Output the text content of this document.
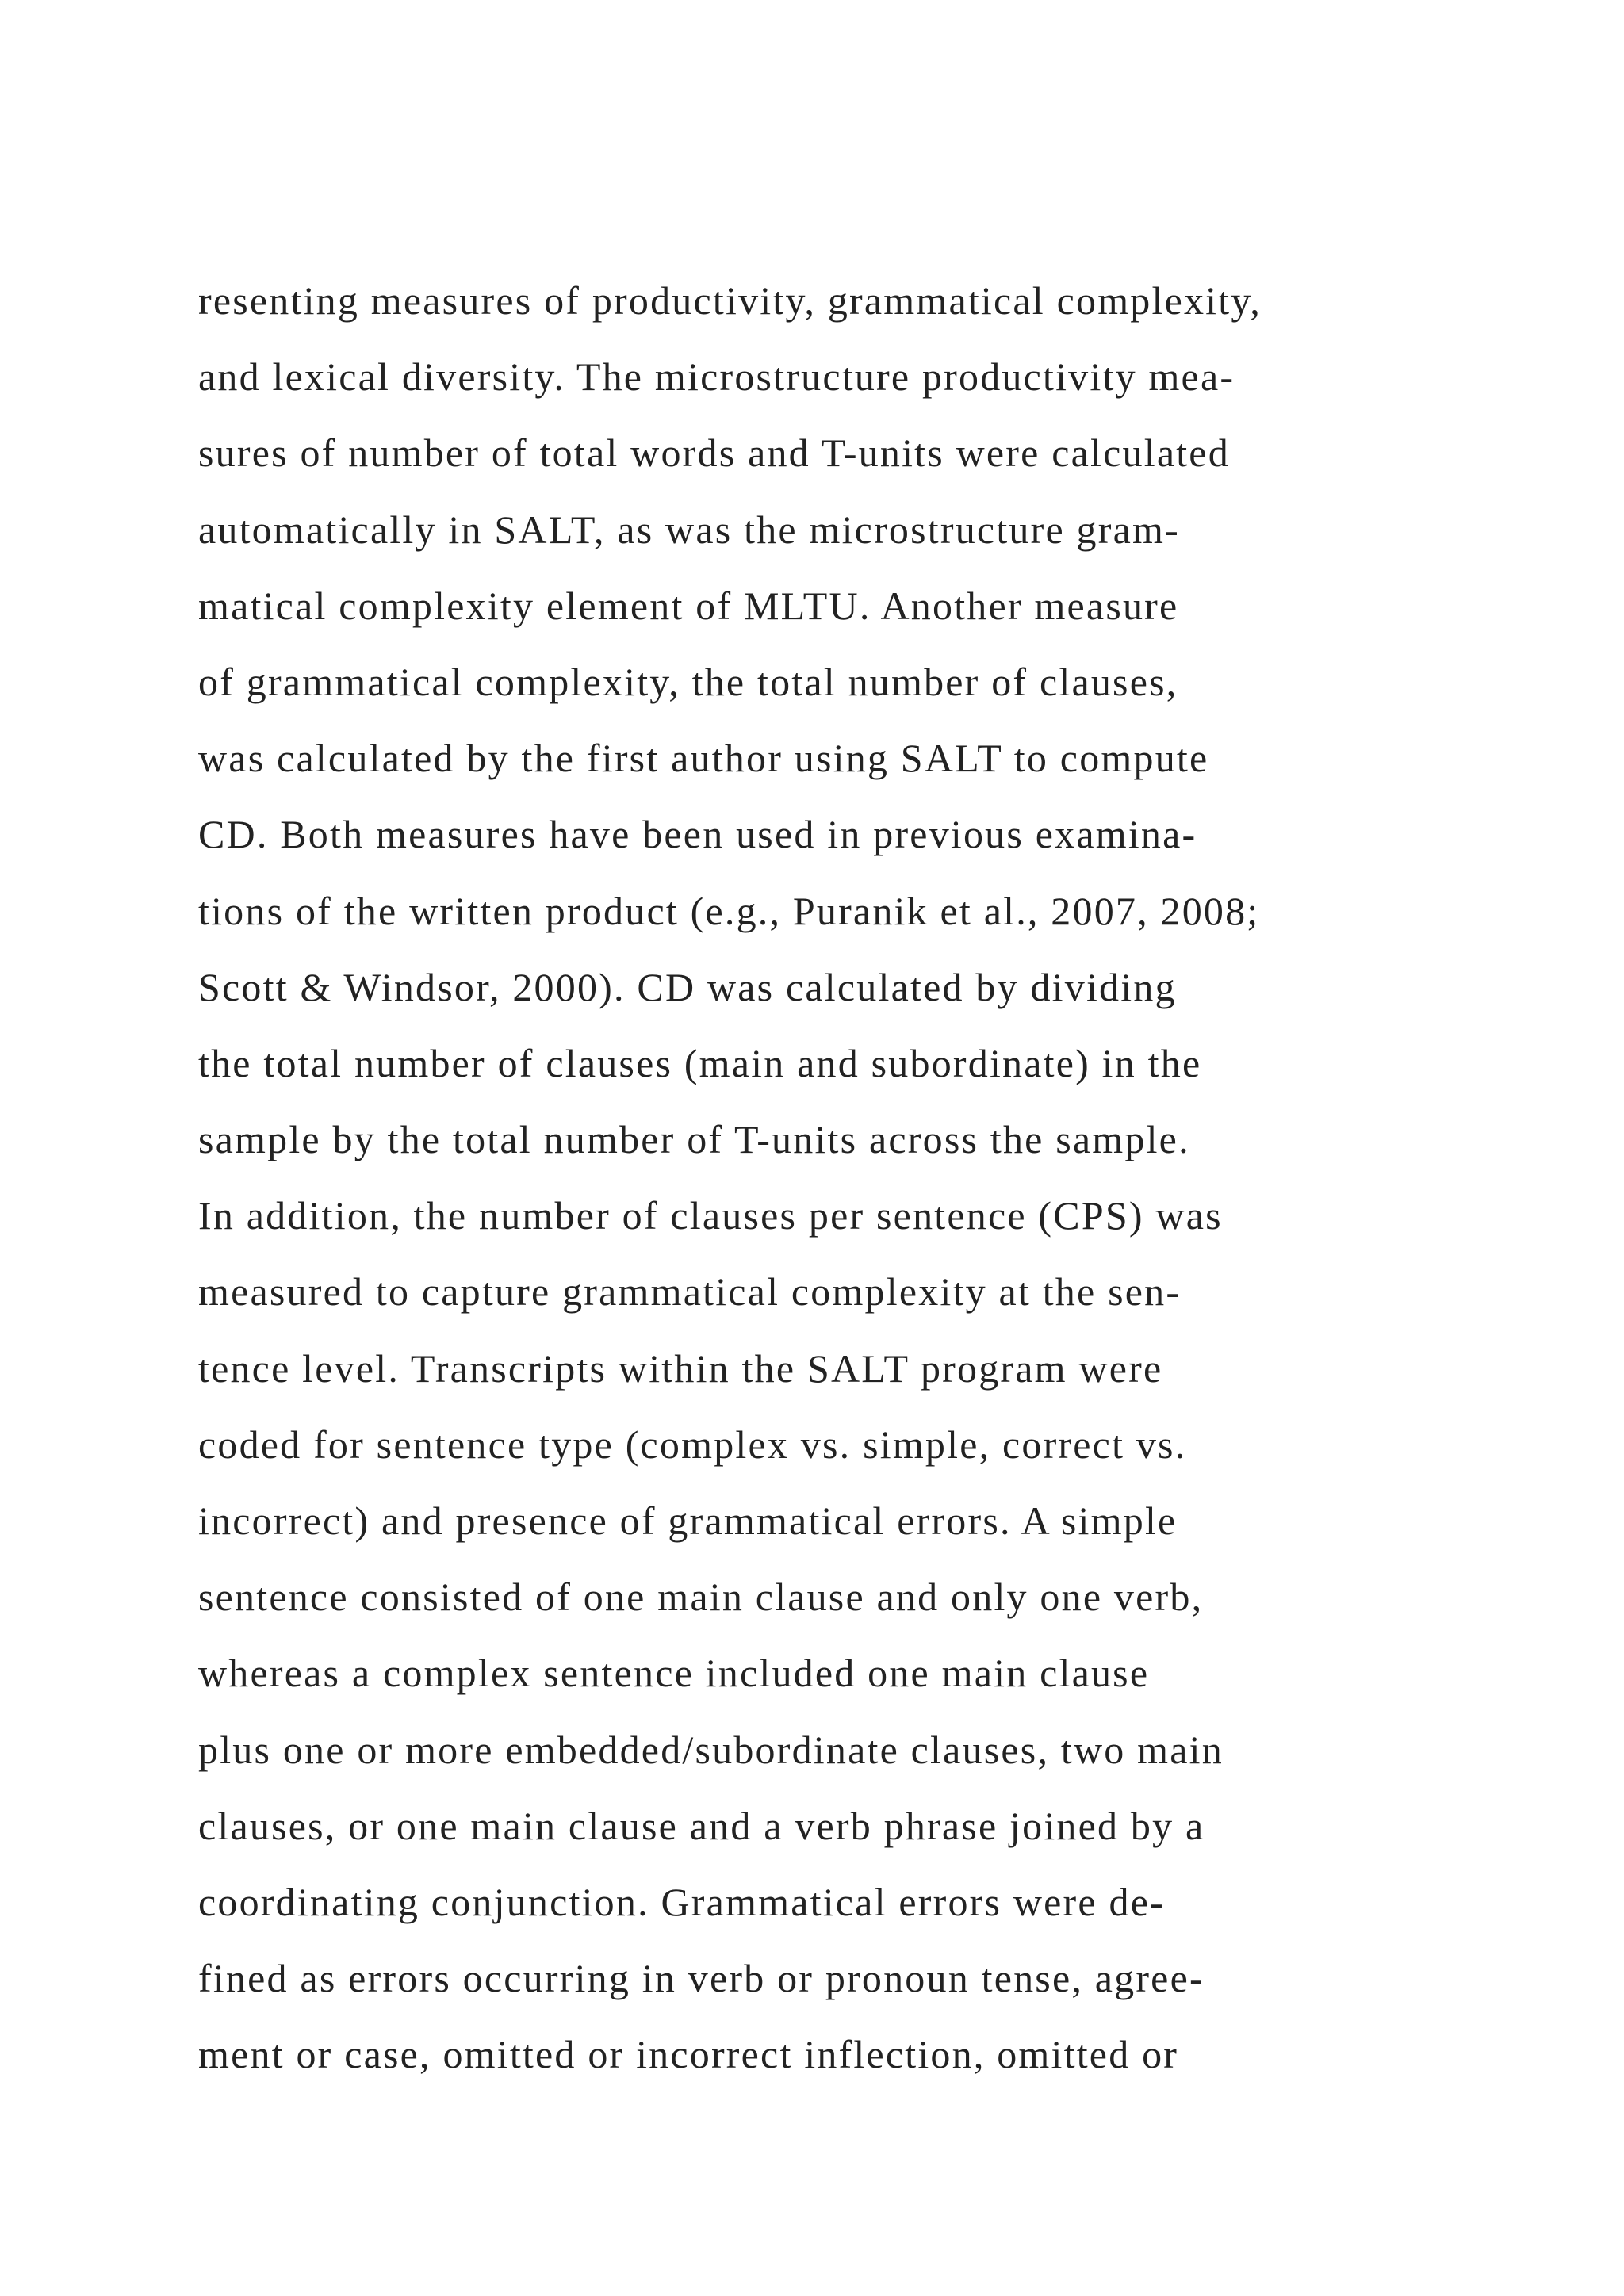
resenting measures of productivity, grammatical complexity,
and lexical diversity. The microstructure productivity mea-
sures of number of total words and T-units were calculated
automatically in SALT, as was the microstructure gram-
matical complexity element of MLTU. Another measure
of grammatical complexity, the total number of clauses,
was calculated by the first author using SALT to compute
CD. Both measures have been used in previous examina-
tions of the written product (e.g., Puranik et al., 2007, 2008;
Scott & Windsor, 2000). CD was calculated by dividing
the total number of clauses (main and subordinate) in the
sample by the total number of T-units across the sample.
In addition, the number of clauses per sentence (CPS) was
measured to capture grammatical complexity at the sen-
tence level. Transcripts within the SALT program were
coded for sentence type (complex vs. simple, correct vs.
incorrect) and presence of grammatical errors. A simple
sentence consisted of one main clause and only one verb,
whereas a complex sentence included one main clause
plus one or more embedded/subordinate clauses, two main
clauses, or one main clause and a verb phrase joined by a
coordinating conjunction. Grammatical errors were de-
fined as errors occurring in verb or pronoun tense, agree-
ment or case, omitted or incorrect inflection, omitted or
